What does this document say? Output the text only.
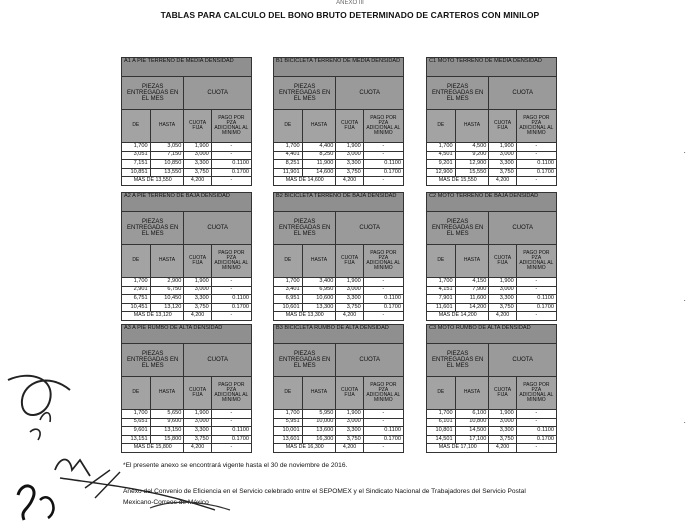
ANEXO III
TABLAS PARA CALCULO DEL BONO BRUTO DETERMINADO DE CARTEROS CON MINILOP
A1 A PIE TERRENO DE MEDIA DENSIDAD			
PIEZAS ENTREGADAS EN EL MES		CUOTA	
DE	HASTA	CUOTA FIJA	PAGO POR PZA ADICIONAL AL MINIMO
1,700	3,050	1,900	-
3,051	7,150	3,000	-
7,151	10,850	3,300	0.1100
10,851	13,550	3,750	0.1700
MAS DE 13,550		4,200	-
B1 BICICLETA TERRENO DE MEDIA DENSIDAD			
PIEZAS ENTREGADAS EN EL MES		CUOTA	
DE	HASTA	CUOTA FIJA	PAGO POR PZA ADICIONAL AL MINIMO
1,700	4,400	1,900	-
4,401	8,250	3,000	-
8,251	11,900	3,300	0.1100
11,901	14,600	3,750	0.1700
MAS DE 14,600		4,200	-
C1 MOTO TERRENO DE MEDIA DENSIDAD			
PIEZAS ENTREGADAS EN EL MES		CUOTA	
DE	HASTA	CUOTA FIJA	PAGO POR PZA ADICIONAL AL MINIMO
1,700	4,500	1,900	-
4,501	9,200	3,000	-
9,201	12,900	3,300	0.1100
12,900	15,550	3,750	0.1700
MAS DE 15,550		4,200	-
A2 A PIE TERRENO DE BAJA DENSIDAD			
PIEZAS ENTREGADAS EN EL MES		CUOTA	
DE	HASTA	CUOTA FIJA	PAGO POR PZA ADICIONAL AL MINIMO
1,700	2,900	1,900	-
2,901	6,750	3,000	-
6,751	10,450	3,300	0.1100
10,451	13,120	3,750	0.1700
MAS DE 13,120		4,200	-
B2 BICICLETA TERRENO DE BAJA DENSIDAD			
PIEZAS ENTREGADAS EN EL MES		CUOTA	
DE	HASTA	CUOTA FIJA	PAGO POR PZA ADICIONAL AL MINIMO
1,700	3,400	1,900	-
3,401	6,950	3,000	-
6,951	10,600	3,300	0.1100
10,601	13,300	3,750	0.1700
MAS DE 13,300		4,200	-
C2 MOTO TERRENO DE BAJA DENSIDAD			
PIEZAS ENTREGADAS EN EL MES		CUOTA	
DE	HASTA	CUOTA FIJA	PAGO POR PZA ADICIONAL AL MINIMO
1,700	4,150	1,900	-
4,151	7,900	3,000	-
7,901	11,600	3,300	0.1100
11,601	14,200	3,750	0.1700
MAS DE 14,200		4,200	-
A3 A PIE RUMBO DE ALTA DENSIDAD			
PIEZAS ENTREGADAS EN EL MES		CUOTA	
DE	HASTA	CUOTA FIJA	PAGO POR PZA ADICIONAL AL MINIMO
1,700	5,650	1,900	-
5,651	9,600	3,000	-
9,601	13,150	3,300	0.1100
13,151	15,800	3,750	0.1700
MAS DE 15,800		4,200	-
B3 BICICLETA RUMBO DE ALTA DENSIDAD			
PIEZAS ENTREGADAS EN EL MES		CUOTA	
DE	HASTA	CUOTA FIJA	PAGO POR PZA ADICIONAL AL MINIMO
1,700	5,950	1,900	-
5,951	10,000	3,000	-
10,001	13,600	3,300	0.1100
13,601	16,300	3,750	0.1700
MAS DE 16,300		4,200	-
C3 MOTO RUMBO DE ALTA DENSIDAD			
PIEZAS ENTREGADAS EN EL MES		CUOTA	
DE	HASTA	CUOTA FIJA	PAGO POR PZA ADICIONAL AL MINIMO
1,700	6,100	1,900	-
6,101	10,800	3,000	-
10,801	14,500	3,300	0.1100
14,501	17,100	3,750	0.1700
MAS DE 17,100		4,200	-
*El presente anexo se encontrará vigente hasta el 30 de noviembre de 2016.
Anexo del Convenio de Eficiencia en el Servicio celebrado entre el SEPOMEX y el Sindicato Nacional de Trabajadores del Servicio Postal
Mexicano-Correos de México
·
·
·
